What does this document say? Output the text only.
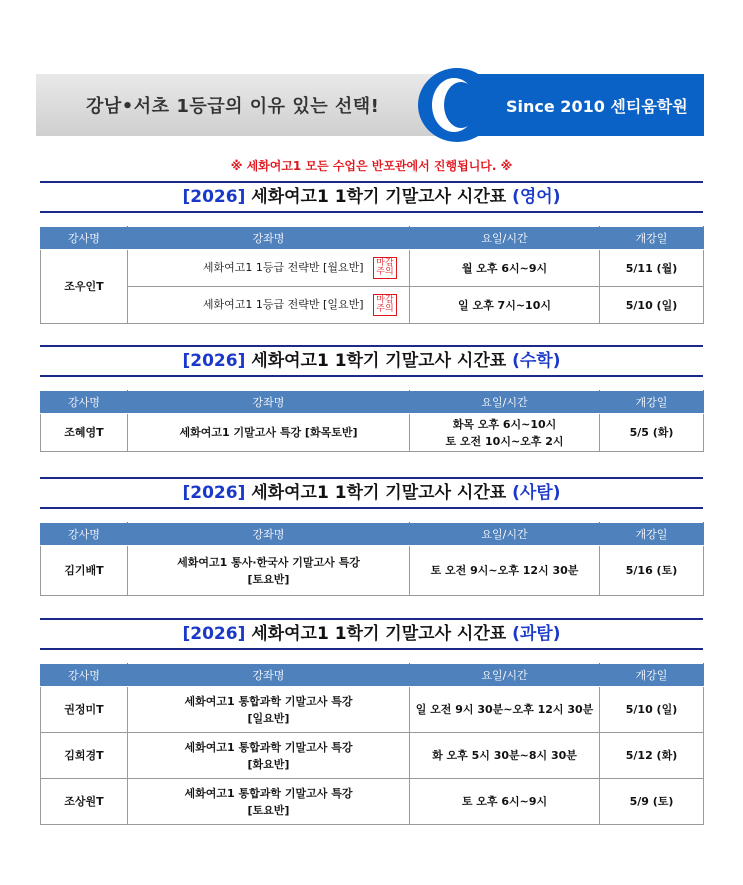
강남•서초 1등급의 이유 있는 선택!	Since 2010 센티움학원
※ 세화여고1 모든 수업은 반포관에서 진행됩니다. ※
[2026] 세화여고1 1학기 기말고사 시간표 (영어)
강사명	강좌명	요일/시간	개강일
조우인T	세화여고1 1등급 전략반 [월요반] 마감 주의	월 오후 6시~9시	5/11 (월)
	세화여고1 1등급 전략반 [일요반] 마감 주의	일 오후 7시~10시	5/10 (일)
[2026] 세화여고1 1학기 기말고사 시간표 (수학)
강사명	강좌명	요일/시간	개강일
조혜영T	세화여고1 기말고사 특강 [화목토반]	화목 오후 6시~10시
토 오전 10시~오후 2시	5/5 (화)
[2026] 세화여고1 1학기 기말고사 시간표 (사탐)
강사명	강좌명	요일/시간	개강일
김기배T	세화여고1 통사·한국사 기말고사 특강
[토요반]	토 오전 9시~오후 12시 30분	5/16 (토)
[2026] 세화여고1 1학기 기말고사 시간표 (과탐)
강사명	강좌명	요일/시간	개강일
권정미T	세화여고1 통합과학 기말고사 특강
[일요반]	일 오전 9시 30분~오후 12시 30분	5/10 (일)
김희경T	세화여고1 통합과학 기말고사 특강
[화요반]	화 오후 5시 30분~8시 30분	5/12 (화)
조상원T	세화여고1 통합과학 기말고사 특강
[토요반]	토 오후 6시~9시	5/9 (토)
